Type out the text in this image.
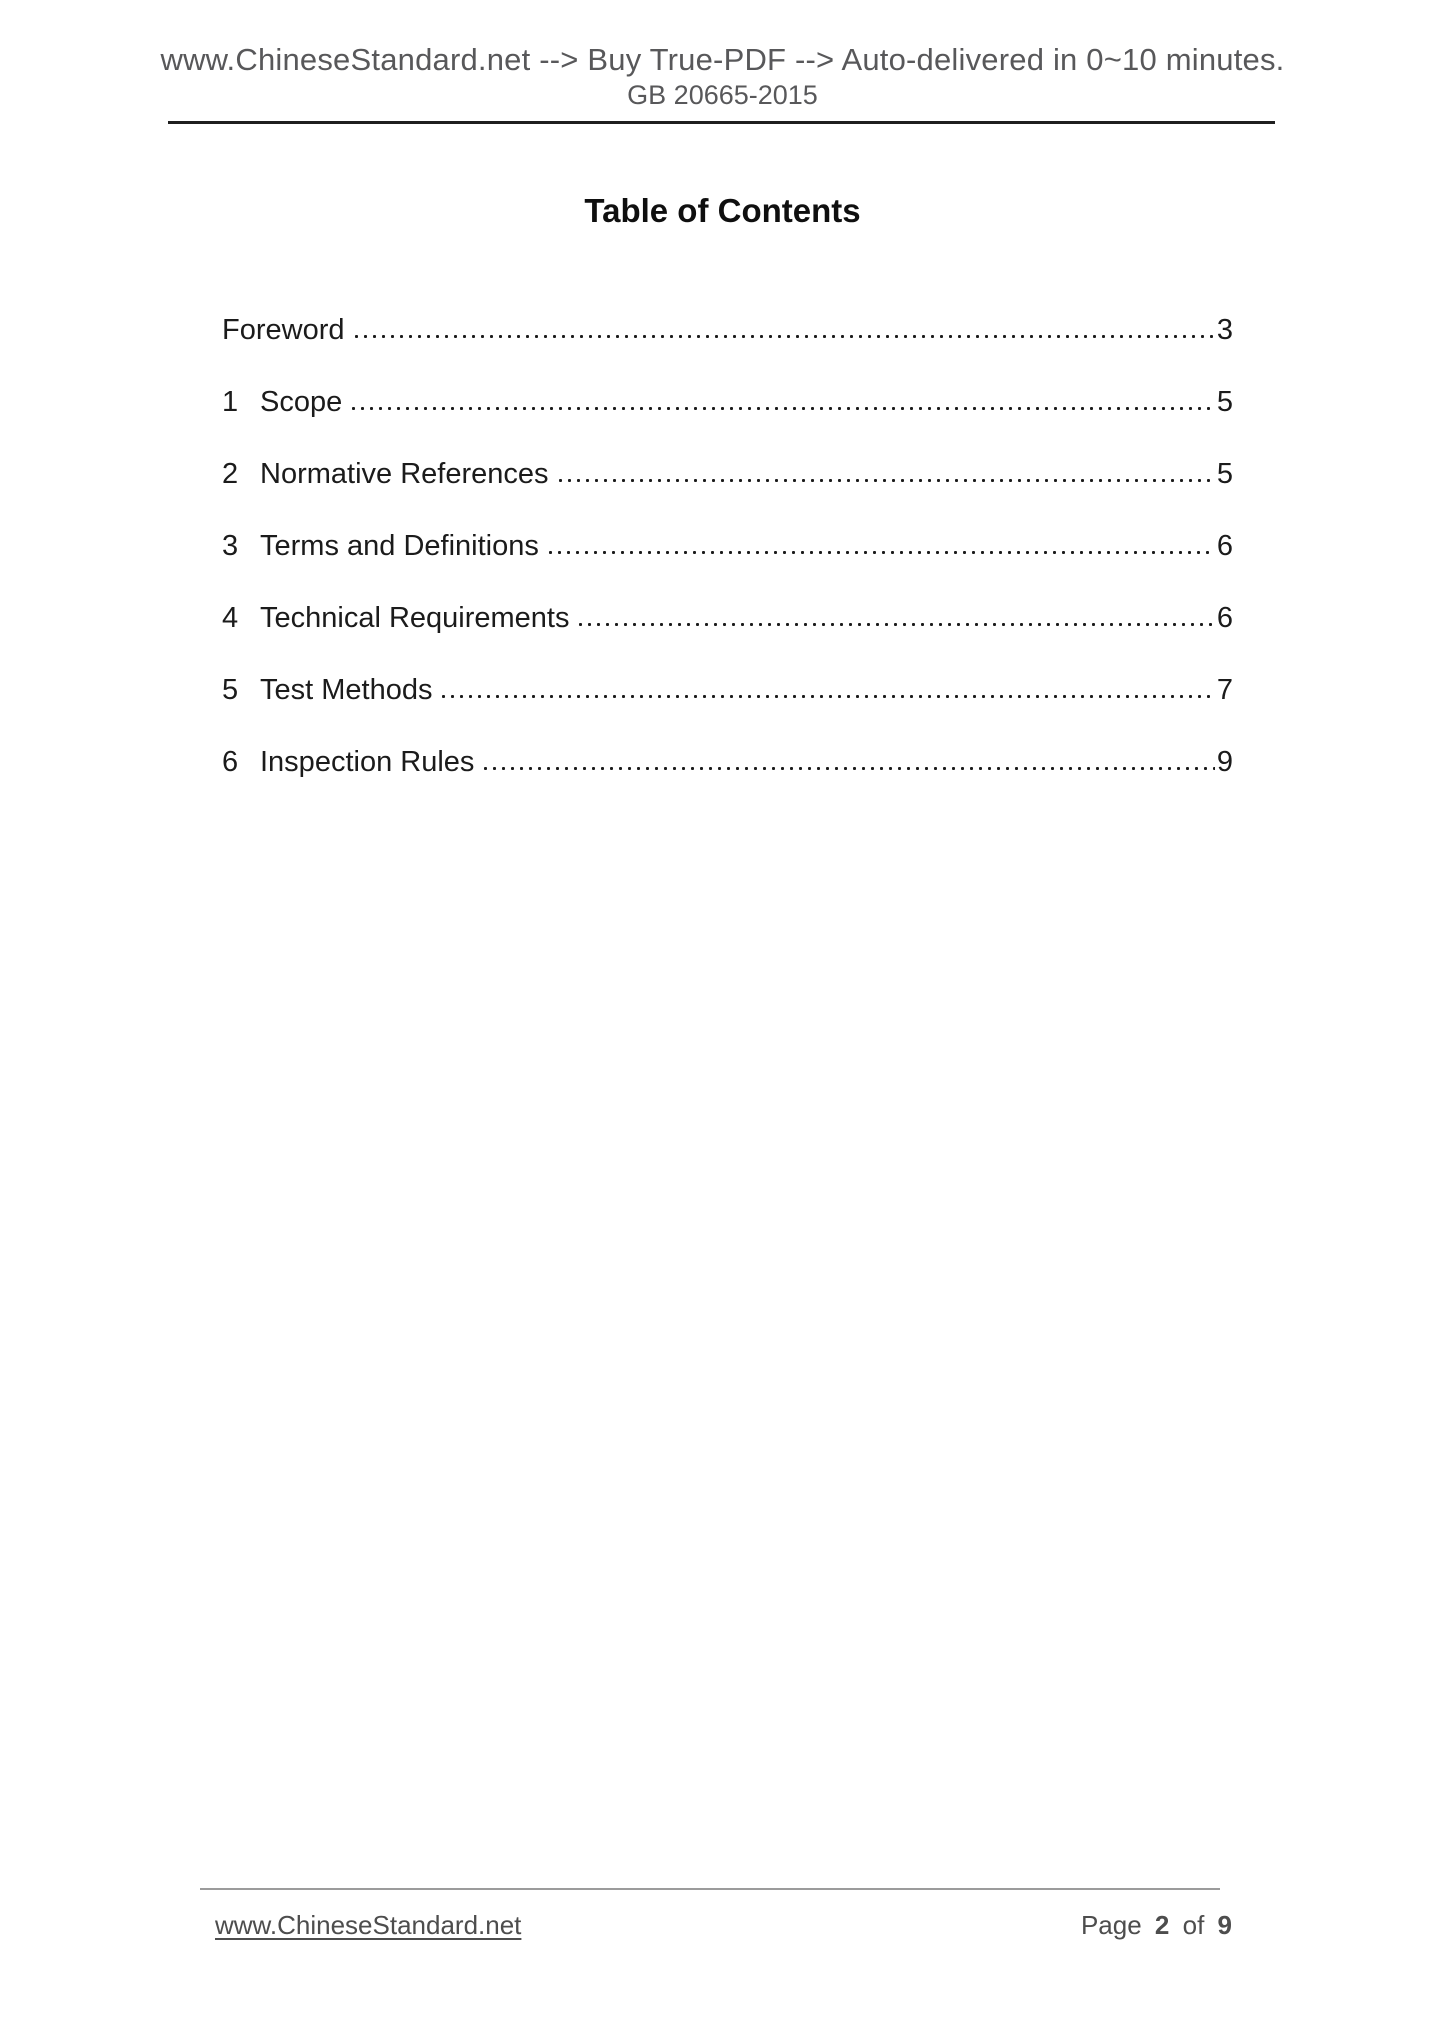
www.ChineseStandard.net --> Buy True-PDF --> Auto-delivered in 0~10 minutes.
GB 20665-2015
Table of Contents
Foreword	3
1 Scope	5
2 Normative References	5
3 Terms and Definitions	6
4 Technical Requirements	6
5 Test Methods	7
6 Inspection Rules	9
www.ChineseStandard.net	Page 2 of 9
